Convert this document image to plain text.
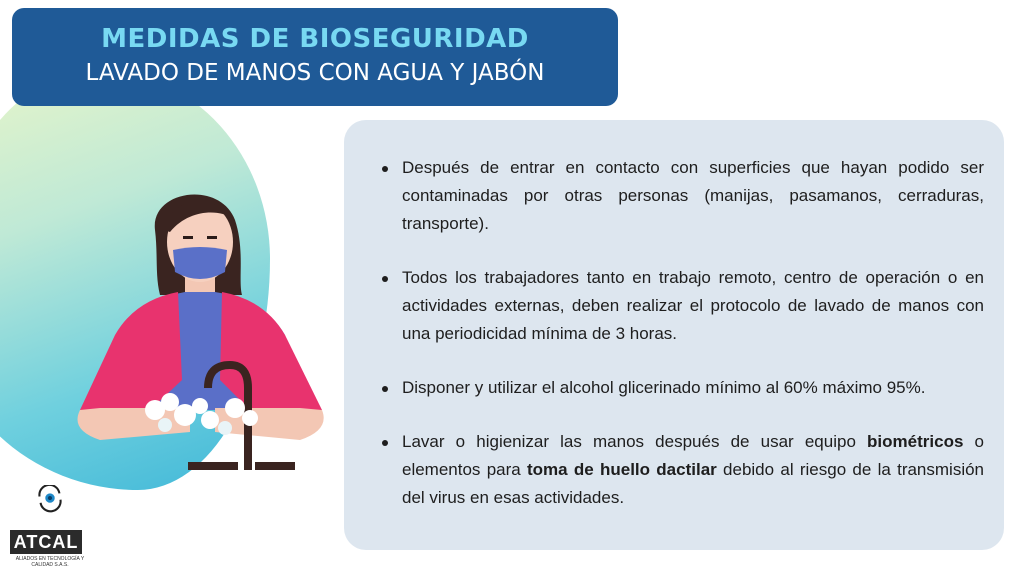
MEDIDAS DE BIOSEGURIDAD
LAVADO DE MANOS CON AGUA Y JABÓN
Después de entrar en contacto con superficies que hayan podido ser contaminadas por otras personas (manijas, pasamanos, cerraduras, transporte).
Todos los trabajadores tanto en trabajo remoto, centro de operación o en actividades externas, deben realizar el protocolo de lavado de manos con una periodicidad mínima de 3 horas.
Disponer y utilizar el alcohol glicerinado mínimo al 60% máximo 95%.
Lavar o higienizar las manos después de usar equipo biométricos o elementos para toma de huello dactilar debido al riesgo de la transmisión del virus en esas actividades.
ATCAL
ALIADOS EN TECNOLOGÍA Y CALIDAD S.A.S.
